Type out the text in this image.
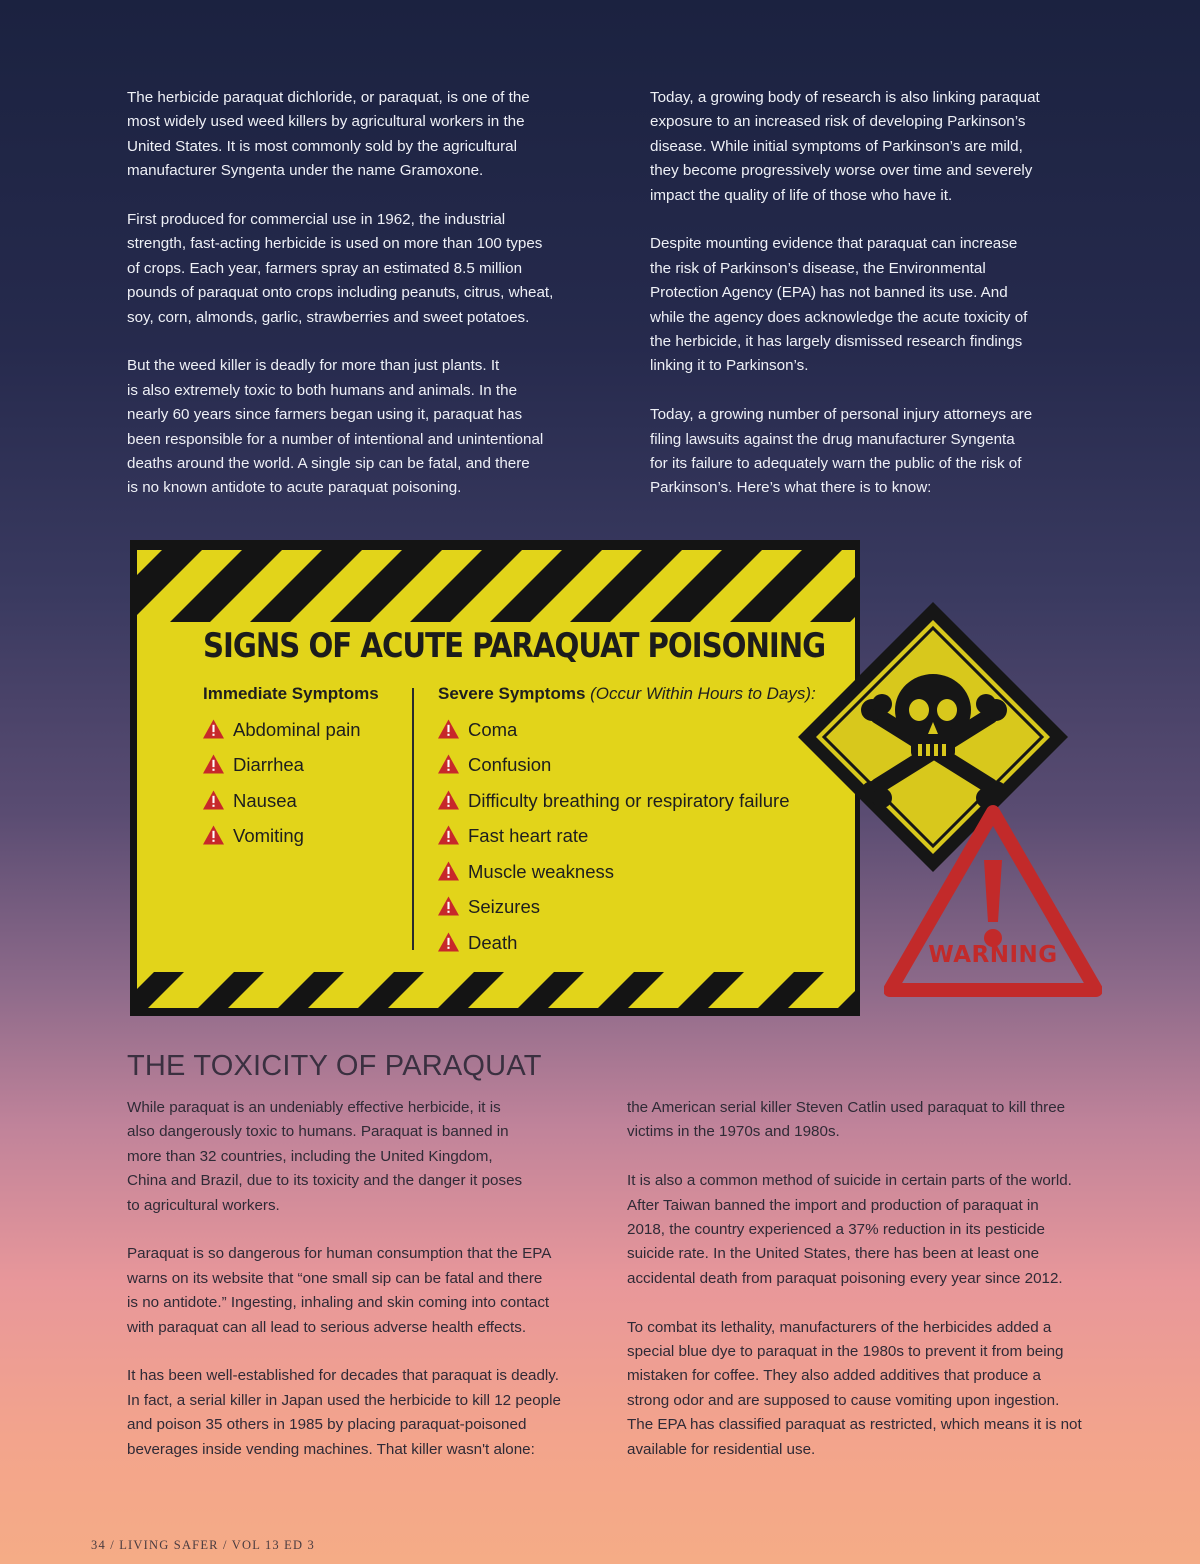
The herbicide paraquat dichloride, or paraquat, is one of the
most widely used weed killers by agricultural workers in the
United States. It is most commonly sold by the agricultural
manufacturer Syngenta under the name Gramoxone.

First produced for commercial use in 1962, the industrial
strength, fast-acting herbicide is used on more than 100 types
of crops. Each year, farmers spray an estimated 8.5 million
pounds of paraquat onto crops including peanuts, citrus, wheat,
soy, corn, almonds, garlic, strawberries and sweet potatoes.

But the weed killer is deadly for more than just plants. It
is also extremely toxic to both humans and animals. In the
nearly 60 years since farmers began using it, paraquat has
been responsible for a number of intentional and unintentional
deaths around the world. A single sip can be fatal, and there
is no known antidote to acute paraquat poisoning.

Today, a growing body of research is also linking paraquat
exposure to an increased risk of developing Parkinson’s
disease. While initial symptoms of Parkinson’s are mild,
they become progressively worse over time and severely
impact the quality of life of those who have it.

Despite mounting evidence that paraquat can increase
the risk of Parkinson’s disease, the Environmental
Protection Agency (EPA) has not banned its use. And
while the agency does acknowledge the acute toxicity of
the herbicide, it has largely dismissed research findings
linking it to Parkinson’s.

Today, a growing number of personal injury attorneys are
filing lawsuits against the drug manufacturer Syngenta
for its failure to adequately warn the public of the risk of
Parkinson’s. Here’s what there is to know:

SIGNS OF ACUTE PARAQUAT POISONING
Immediate Symptoms	Severe Symptoms (Occur Within Hours to Days):
Abdominal pain
Diarrhea
Nausea
Vomiting
Coma
Confusion
Difficulty breathing or respiratory failure
Fast heart rate
Muscle weakness
Seizures
Death	WARNING
THE TOXICITY OF PARAQUAT

While paraquat is an undeniably effective herbicide, it is
also dangerously toxic to humans. Paraquat is banned in
more than 32 countries, including the United Kingdom,
China and Brazil, due to its toxicity and the danger it poses
to agricultural workers.

Paraquat is so dangerous for human consumption that the EPA
warns on its website that “one small sip can be fatal and there
is no antidote.” Ingesting, inhaling and skin coming into contact
with paraquat can all lead to serious adverse health effects.

It has been well-established for decades that paraquat is deadly.
In fact, a serial killer in Japan used the herbicide to kill 12 people
and poison 35 others in 1985 by placing paraquat-poisoned
beverages inside vending machines. That killer wasn't alone:

the American serial killer Steven Catlin used paraquat to kill three
victims in the 1970s and 1980s.

It is also a common method of suicide in certain parts of the world.
After Taiwan banned the import and production of paraquat in
2018, the country experienced a 37% reduction in its pesticide
suicide rate. In the United States, there has been at least one
accidental death from paraquat poisoning every year since 2012.

To combat its lethality, manufacturers of the herbicides added a
special blue dye to paraquat in the 1980s to prevent it from being
mistaken for coffee. They also added additives that produce a
strong odor and are supposed to cause vomiting upon ingestion.
The EPA has classified paraquat as restricted, which means it is not
available for residential use.

34 / LIVING SAFER / VOL 13 ED 3
